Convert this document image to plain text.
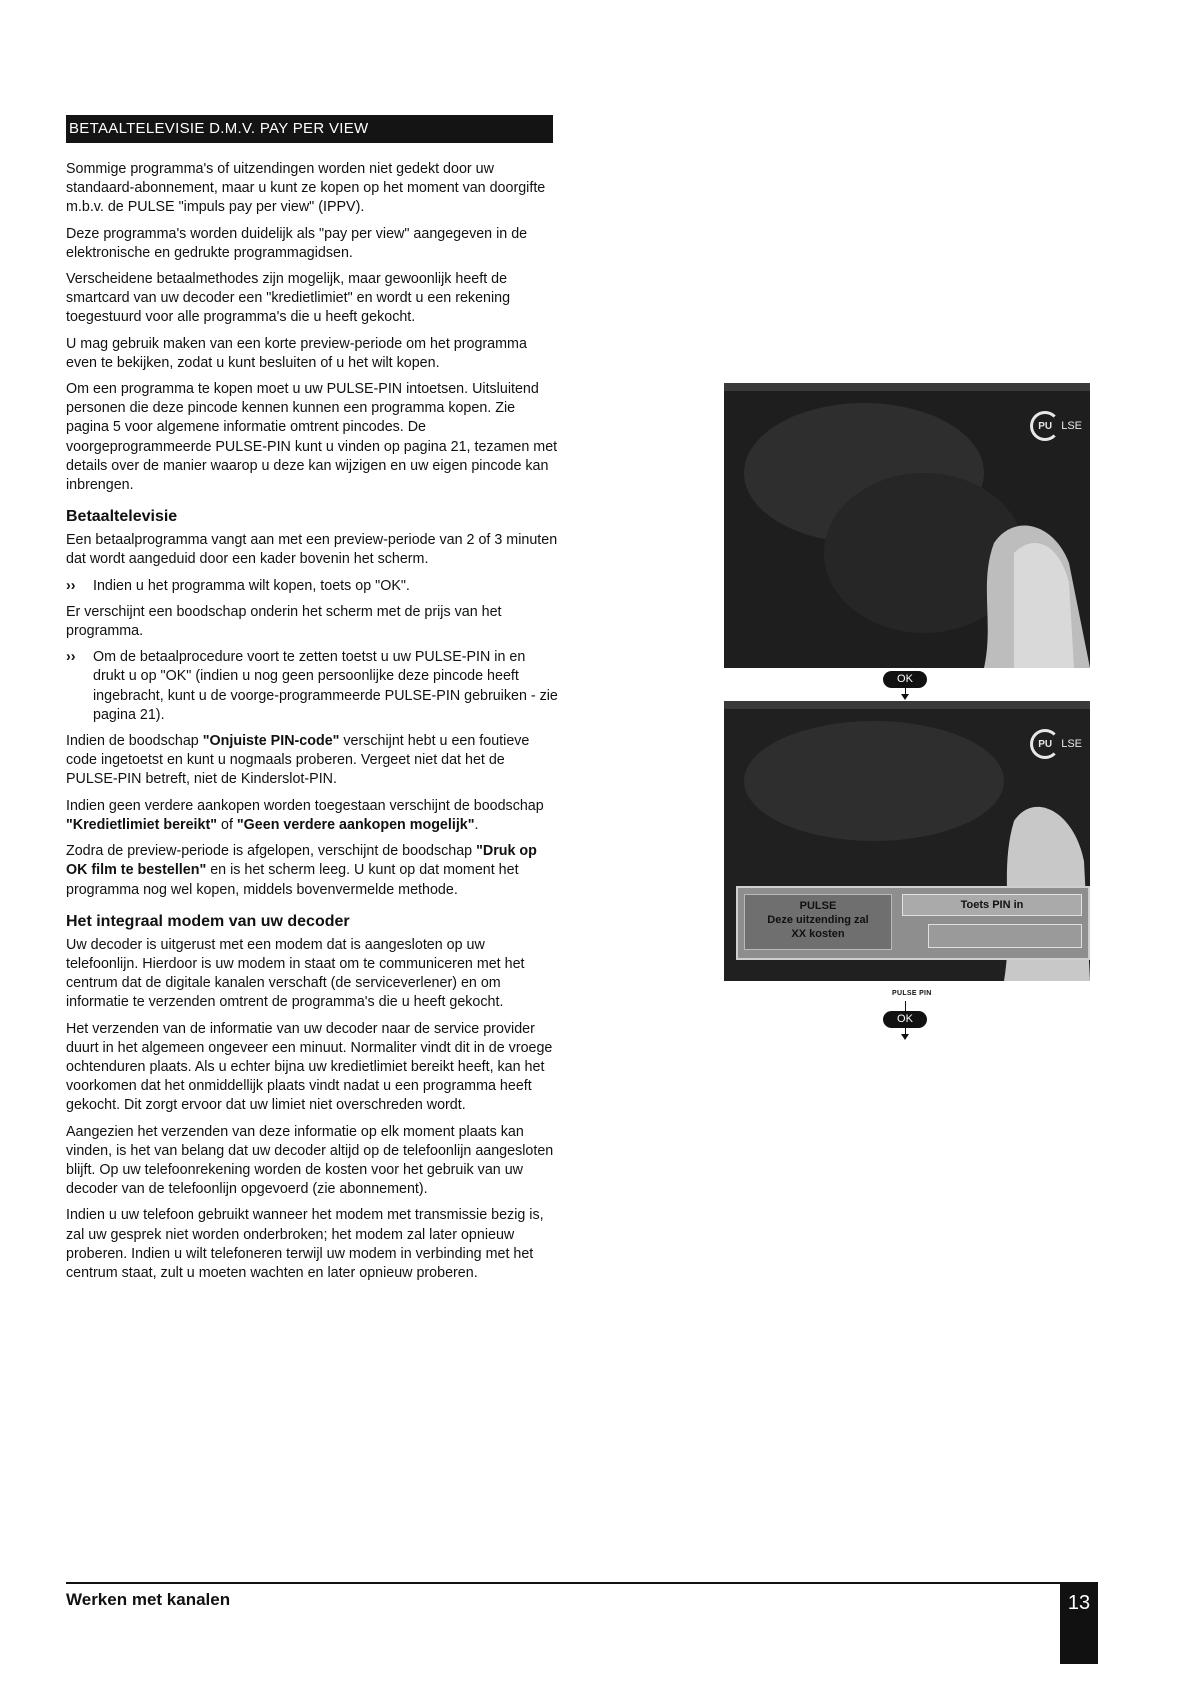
BETAALTELEVISIE D.M.V. PAY PER VIEW

Sommige programma's of uitzendingen worden niet gedekt door uw standaard-abonnement, maar u kunt ze kopen op het moment van doorgifte m.b.v. de PULSE "impuls pay per view" (IPPV).

Deze programma's worden duidelijk als "pay per view" aangegeven in de elektronische en gedrukte programmagidsen.

Verscheidene betaalmethodes zijn mogelijk, maar gewoonlijk heeft de smartcard van uw decoder een "kredietlimiet" en wordt u een rekening toegestuurd voor alle programma's die u heeft gekocht.

U mag gebruik maken van een korte preview-periode om het programma even te bekijken, zodat u kunt besluiten of u het wilt kopen.

Om een programma te kopen moet u uw PULSE-PIN intoetsen. Uitsluitend personen die deze pincode kennen kunnen een programma kopen. Zie pagina 5 voor algemene informatie omtrent pincodes. De voorgeprogrammeerde PULSE-PIN kunt u vinden op pagina 21, tezamen met details over de manier waarop u deze kan wijzigen en uw eigen pincode kan inbrengen.

Betaaltelevisie

Een betaalprogramma vangt aan met een preview-periode van 2 of 3 minuten dat wordt aangeduid door een kader bovenin het scherm.

›› Indien u het programma wilt kopen, toets op "OK".

Er verschijnt een boodschap onderin het scherm met de prijs van het programma.

›› Om de betaalprocedure voort te zetten toetst u uw PULSE-PIN in en drukt u op "OK" (indien u nog geen persoonlijke deze pincode heeft ingebracht, kunt u de voorge-programmeerde PULSE-PIN gebruiken - zie pagina 21).

Indien de boodschap "Onjuiste PIN-code" verschijnt hebt u een foutieve code ingetoetst en kunt u nogmaals proberen. Vergeet niet dat het de PULSE-PIN betreft, niet de Kinderslot-PIN.

Indien geen verdere aankopen worden toegestaan verschijnt de boodschap "Kredietlimiet bereikt" of "Geen verdere aankopen mogelijk".

Zodra de preview-periode is afgelopen, verschijnt de boodschap "Druk op OK film te bestellen" en is het scherm leeg. U kunt op dat moment het programma nog wel kopen, middels bovenvermelde methode.

Het integraal modem van uw decoder

Uw decoder is uitgerust met een modem dat is aangesloten op uw telefoonlijn. Hierdoor is uw modem in staat om te communiceren met het centrum dat de digitale kanalen verschaft (de serviceverlener) en om informatie te verzenden omtrent de programma's die u heeft gekocht.

Het verzenden van de informatie van uw decoder naar de service provider duurt in het algemeen ongeveer een minuut. Normaliter vindt dit in de vroege ochtenduren plaats. Als u echter bijna uw kredietlimiet bereikt heeft, kan het voorkomen dat het onmiddellijk plaats vindt nadat u een programma heeft gekocht. Dit zorgt ervoor dat uw limiet niet overschreden wordt.

Aangezien het verzenden van deze informatie op elk moment plaats kan vinden, is het van belang dat uw decoder altijd op de telefoonlijn aangesloten blijft. Op uw telefoonrekening worden de kosten voor het gebruik van uw decoder van de telefoonlijn opgevoerd (zie abonnement).

Indien u uw telefoon gebruikt wanneer het modem met transmissie bezig is, zal uw gesprek niet worden onderbroken; het modem zal later opnieuw proberen. Indien u wilt telefoneren terwijl uw modem in verbinding met het centrum staat, zult u moeten wachten en later opnieuw proberen.

PU LSE
OK
PU LSE
PULSE
Deze uitzending zal
XX kosten
Toets PIN in
PULSE PIN
OK
Werken met kanalen	13
